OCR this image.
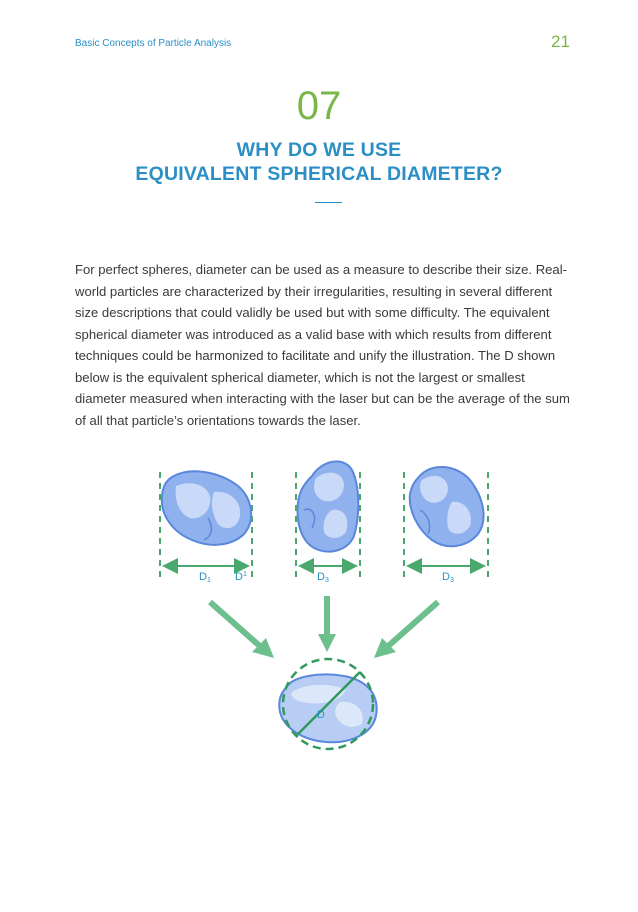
Basic Concepts of Particle Analysis	21
07
WHY DO WE USE
EQUIVALENT SPHERICAL DIAMETER?

For perfect spheres, diameter can be used as a measure to describe their size. Real-world particles are characterized by their irregularities, resulting in several different size descriptions that could validly be used but with some difficulty. The equivalent spherical diameter was introduced as a valid base with which results from different techniques could be harmonized to facilitate and unify the illustration. The D shown below is the equivalent spherical diameter, which is not the largest or smallest diameter measured when interacting with the laser but can be the average of the sum of all that particle’s orientations towards the laser.

D1 $D^1$	D3	D3
D
